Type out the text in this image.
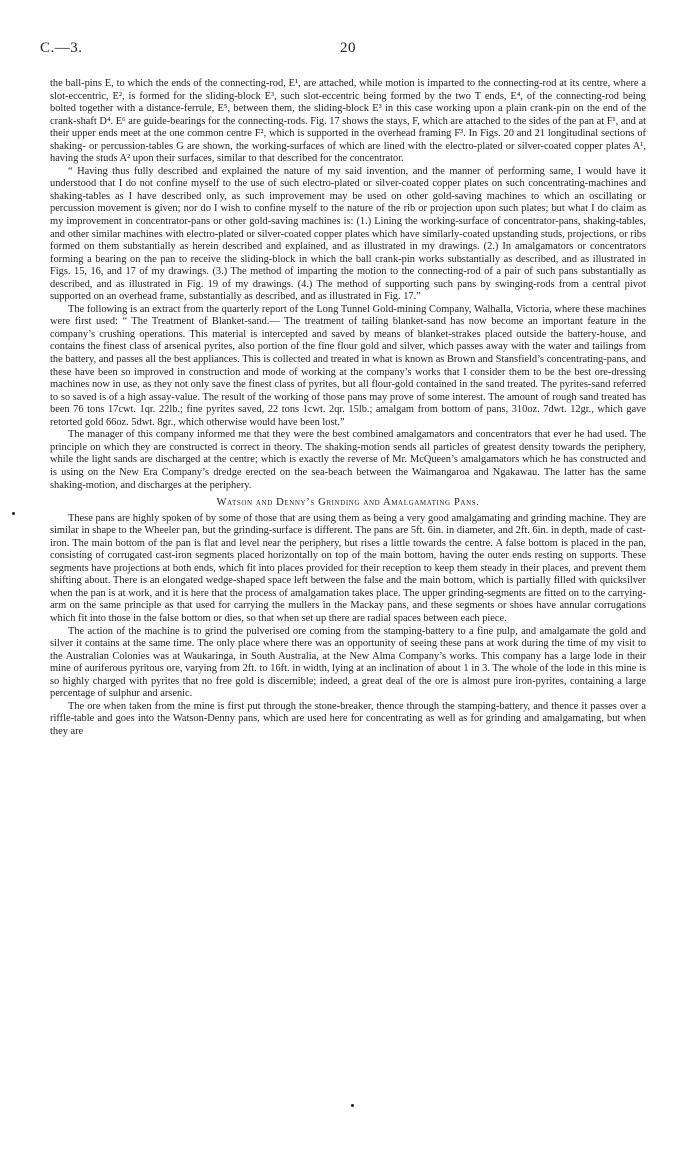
C.—3.	20

the ball-pins E, to which the ends of the connecting-rod, E¹, are attached, while motion is imparted to the connecting-rod at its centre, where a slot-eccentric, E², is formed for the sliding-block E³, such slot-eccentric being formed by the two T ends, E⁴, of the connecting-rod being bolted together with a distance-ferrule, E⁵, between them, the sliding-block E³ in this case working upon a plain crank-pin on the end of the crank-shaft D⁴. E⁶ are guide-bearings for the connecting-rods. Fig. 17 shows the stays, F, which are attached to the sides of the pan at F¹, and at their upper ends meet at the one common centre F², which is supported in the overhead framing F³. In Figs. 20 and 21 longitudinal sections of shaking- or percussion-tables G are shown, the working-surfaces of which are lined with the electro-plated or silver-coated copper plates A¹, having the studs A² upon their surfaces, similar to that described for the concentrator.

“ Having thus fully described and explained the nature of my said invention, and the manner of performing same, I would have it understood that I do not confine myself to the use of such electro-plated or silver-coated copper plates on such concentrating-machines and shaking-tables as I have described only, as such improvement may be used on other gold-saving machines to which an oscillating or percussion movement is given; nor do I wish to confine myself to the nature of the rib or projection upon such plates; but what I do claim as my improvement in concentrator-pans or other gold-saving machines is: (1.) Lining the working-surface of concentrator-pans, shaking-tables, and other similar machines with electro-plated or silver-coated copper plates which have similarly-coated upstanding studs, projections, or ribs formed on them substantially as herein described and explained, and as illustrated in my drawings. (2.) In amalgamators or concentrators forming a bearing on the pan to receive the sliding-block in which the ball crank-pin works substantially as described, and as illustrated in Figs. 15, 16, and 17 of my drawings. (3.) The method of imparting the motion to the connecting-rod of a pair of such pans substantially as described, and as illustrated in Fig. 19 of my drawings. (4.) The method of supporting such pans by swinging-rods from a central pivot supported on an overhead frame, substantially as described, and as illustrated in Fig. 17.”

The following is an extract from the quarterly report of the Long Tunnel Gold-mining Company, Walhalla, Victoria, where these machines were first used: “ The Treatment of Blanket-sand.— The treatment of tailing blanket-sand has now become an important feature in the company’s crushing operations. This material is intercepted and saved by means of blanket-strakes placed outside the battery-house, and contains the finest class of arsenical pyrites, also portion of the fine flour gold and silver, which passes away with the water and tailings from the battery, and passes all the best appliances. This is collected and treated in what is known as Brown and Stansfield’s concentrating-pans, and these have been so improved in construction and mode of working at the company’s works that I consider them to be the best ore-dressing machines now in use, as they not only save the finest class of pyrites, but all flour-gold contained in the sand treated. The pyrites-sand referred to so saved is of a high assay-value. The result of the working of those pans may prove of some interest. The amount of rough sand treated has been 76 tons 17cwt. 1qr. 22lb.; fine pyrites saved, 22 tons 1cwt. 2qr. 15lb.; amalgam from bottom of pans, 310oz. 7dwt. 12gr., which gave retorted gold 66oz. 5dwt. 8gr., which otherwise would have been lost.”

The manager of this company informed me that they were the best combined amalgamators and concentrators that ever he had used. The principle on which they are constructed is correct in theory. The shaking-motion sends all particles of greatest density towards the periphery, while the light sands are discharged at the centre; which is exactly the reverse of Mr. McQueen’s amalgamators which he has constructed and is using on the New Era Company’s dredge erected on the sea-beach between the Waimangaroa and Ngakawau. The latter has the same shaking-motion, and discharges at the periphery.

Watson and Denny’s Grinding and Amalgamating Pans.

These pans are highly spoken of by some of those that are using them as being a very good amalgamating and grinding machine. They are similar in shape to the Wheeler pan, but the grinding-surface is different. The pans are 5ft. 6in. in diameter, and 2ft. 6in. in depth, made of cast-iron. The main bottom of the pan is flat and level near the periphery, but rises a little towards the centre. A false bottom is placed in the pan, consisting of corrugated cast-iron segments placed horizontally on top of the main bottom, having the outer ends resting on supports. These segments have projections at both ends, which fit into places provided for their reception to keep them steady in their places, and prevent them shifting about. There is an elongated wedge-shaped space left between the false and the main bottom, which is partially filled with quicksilver when the pan is at work, and it is here that the process of amalgamation takes place. The upper grinding-segments are fitted on to the carrying-arm on the same principle as that used for carrying the mullers in the Mackay pans, and these segments or shoes have annular corrugations which fit into those in the false bottom or dies, so that when set up there are radial spaces between each piece.

The action of the machine is to grind the pulverised ore coming from the stamping-battery to a fine pulp, and amalgamate the gold and silver it contains at the same time. The only place where there was an opportunity of seeing these pans at work during the time of my visit to the Australian Colonies was at Waukaringa, in South Australia, at the New Alma Company’s works. This company has a large lode in their mine of auriferous pyritous ore, varying from 2ft. to 16ft. in width, lying at an inclination of about 1 in 3. The whole of the lode in this mine is so highly charged with pyrites that no free gold is discernible; indeed, a great deal of the ore is almost pure iron-pyrites, containing a large percentage of sulphur and arsenic.

The ore when taken from the mine is first put through the stone-breaker, thence through the stamping-battery, and thence it passes over a riffle-table and goes into the Watson-Denny pans, which are used here for concentrating as well as for grinding and amalgamating, but when they are
